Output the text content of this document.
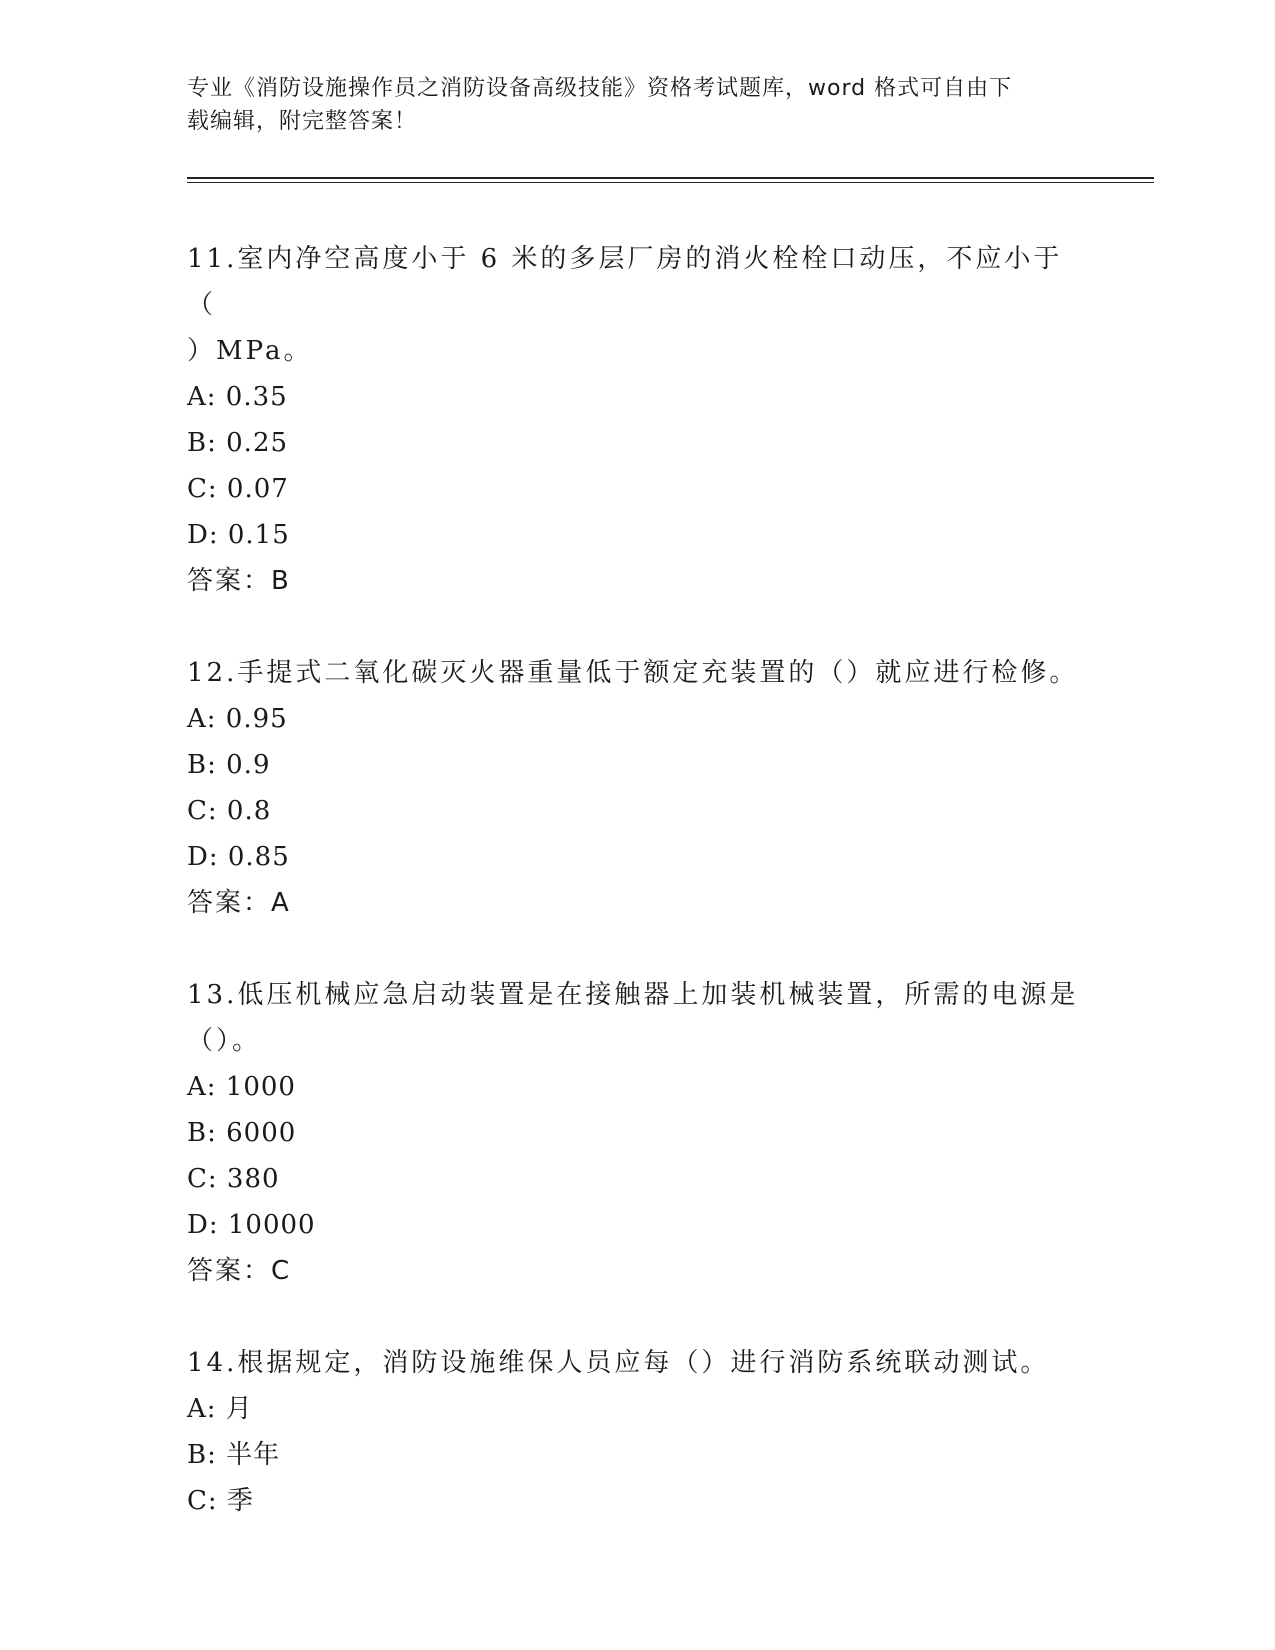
专业《消防设施操作员之消防设备高级技能》资格考试题库，word 格式可自由下
载编辑，附完整答案！

11.室内净空高度小于 6 米的多层厂房的消火栓栓口动压，不应小于（

）MPa。

A: 0.35

B: 0.25

C: 0.07

D: 0.15

答案：B

12.手提式二氧化碳灭火器重量低于额定充装置的（）就应进行检修。

A: 0.95

B: 0.9

C: 0.8

D: 0.85

答案：A

13.低压机械应急启动装置是在接触器上加装机械装置，所需的电源是

（）。

A: 1000

B: 6000

C: 380

D: 10000

答案：C

14.根据规定，消防设施维保人员应每（）进行消防系统联动测试。

A: 月

B: 半年

C: 季
